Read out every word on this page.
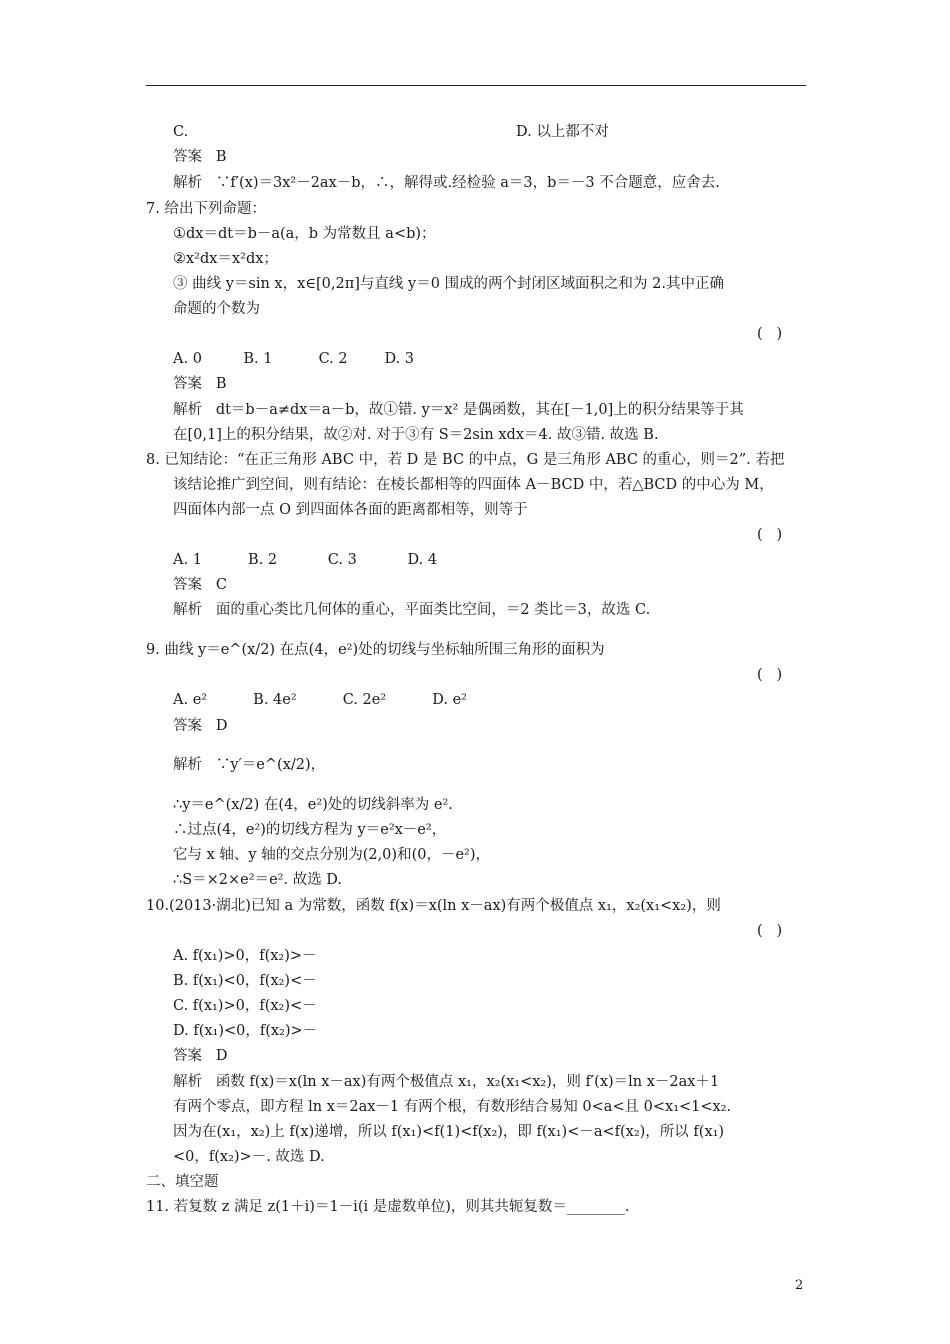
C.	D. 以上都不对
答案   B
解析   ∵f′(x)＝3x²－2ax－b，∴，解得或.经检验 a＝3，b＝－3 不合题意，应舍去.
7. 给出下列命题：
①dx＝dt＝b－a(a，b 为常数且 a<b)；
②x²dx＝x²dx；
③ 曲线 y＝sin x，x∈[0,2π]与直线 y＝0 围成的两个封闭区域面积之和为 2.其中正确
命题的个数为
(   )
A. 0         B. 1          C. 2        D. 3
答案   B
解析   dt＝b－a≠dx＝a－b，故①错. y＝x² 是偶函数，其在[－1,0]上的积分结果等于其
在[0,1]上的积分结果，故②对. 对于③有 S＝2sin xdx＝4. 故③错. 故选 B.
8. 已知结论：“在正三角形 ABC 中，若 D 是 BC 的中点，G 是三角形 ABC 的重心，则＝2”. 若把
该结论推广到空间，则有结论：在棱长都相等的四面体 A－BCD 中，若△BCD 的中心为 M，
四面体内部一点 O 到四面体各面的距离都相等，则等于
(   )
A. 1          B. 2           C. 3           D. 4
答案   C
解析   面的重心类比几何体的重心，平面类比空间，＝2 类比＝3，故选 C.
9. 曲线 y＝e^(x/2) 在点(4，e²)处的切线与坐标轴所围三角形的面积为
(   )
A. e²          B. 4e²          C. 2e²          D. e²
答案   D
解析   ∵y′＝e^(x/2)，
∴y＝e^(x/2) 在(4，e²)处的切线斜率为 e².
∴过点(4，e²)的切线方程为 y＝e²x－e²，
它与 x 轴、y 轴的交点分别为(2,0)和(0，－e²)，
∴S＝×2×e²＝e². 故选 D.
10.(2013·湖北)已知 a 为常数，函数 f(x)＝x(ln x－ax)有两个极值点 x₁，x₂(x₁<x₂)，则
(   )
A. f(x₁)>0，f(x₂)>－
B. f(x₁)<0，f(x₂)<－
C. f(x₁)>0，f(x₂)<－
D. f(x₁)<0，f(x₂)>－
答案   D
解析   函数 f(x)＝x(ln x－ax)有两个极值点 x₁，x₂(x₁<x₂)，则 f′(x)＝ln x－2ax＋1
有两个零点，即方程 ln x＝2ax－1 有两个根，有数形结合易知 0<a<且 0<x₁<1<x₂.
因为在(x₁，x₂)上 f(x)递增，所以 f(x₁)<f(1)<f(x₂)，即 f(x₁)<－a<f(x₂)，所以 f(x₁)
<0，f(x₂)>－. 故选 D.
二、填空题
11. 若复数 z 满足 z(1＋i)＝1－i(i 是虚数单位)，则其共轭复数＝________.
2
